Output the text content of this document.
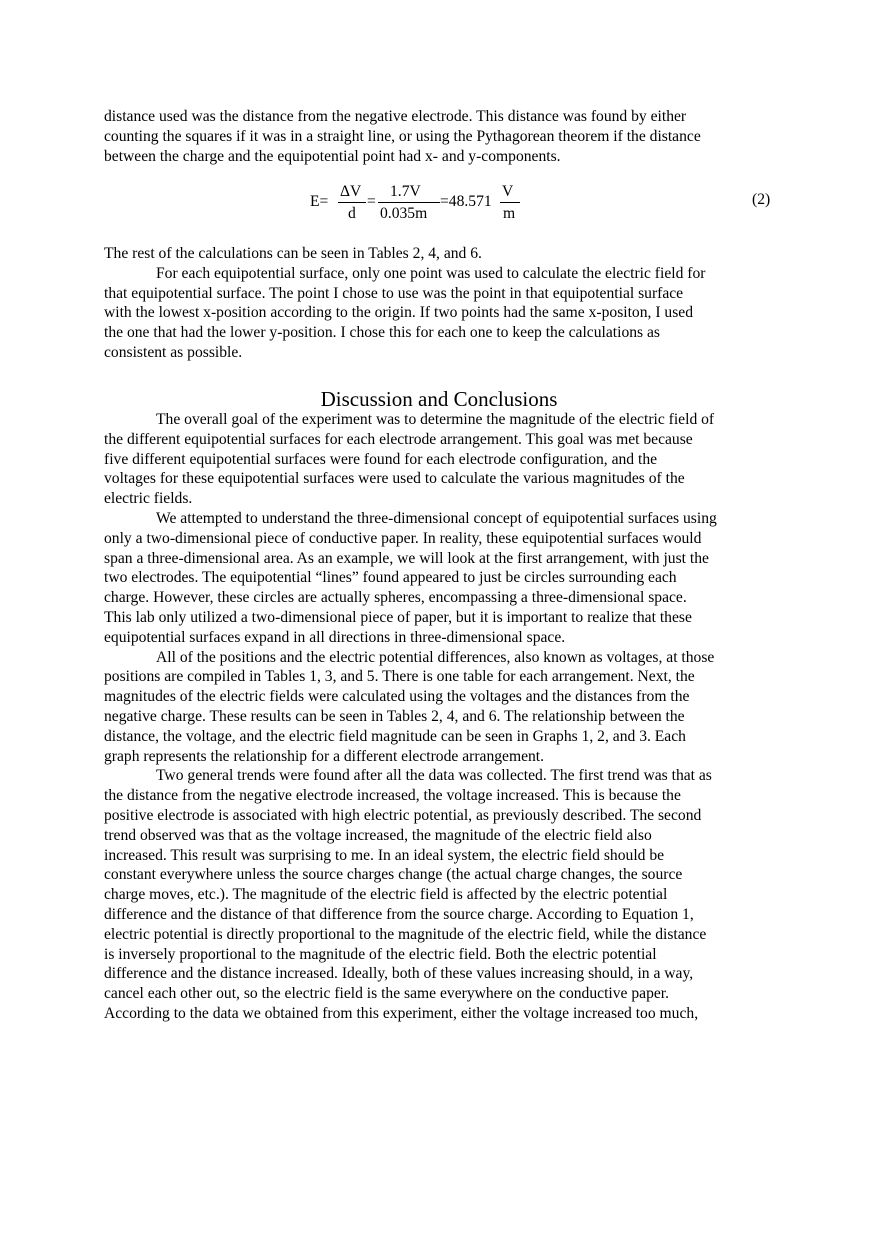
distance used was the distance from the negative electrode. This distance was found by either
counting the squares if it was in a straight line, or using the Pythagorean theorem if the distance
between the charge and the equipotential point had x- and y-components.
E=
ΔV
d
=
1.7V
0.035m
=48.571
V
m
(2)
The rest of the calculations can be seen in Tables 2, 4, and 6.

For each equipotential surface, only one point was used to calculate the electric field for
that equipotential surface. The point I chose to use was the point in that equipotential surface
with the lowest x-position according to the origin. If two points had the same x-positon, I used
the one that had the lower y-position. I chose this for each one to keep the calculations as
consistent as possible.

Discussion and Conclusions

The overall goal of the experiment was to determine the magnitude of the electric field of
the different equipotential surfaces for each electrode arrangement. This goal was met because
five different equipotential surfaces were found for each electrode configuration, and the
voltages for these equipotential surfaces were used to calculate the various magnitudes of the
electric fields.

We attempted to understand the three-dimensional concept of equipotential surfaces using
only a two-dimensional piece of conductive paper. In reality, these equipotential surfaces would
span a three-dimensional area. As an example, we will look at the first arrangement, with just the
two electrodes. The equipotential “lines” found appeared to just be circles surrounding each
charge. However, these circles are actually spheres, encompassing a three-dimensional space.
This lab only utilized a two-dimensional piece of paper, but it is important to realize that these
equipotential surfaces expand in all directions in three-dimensional space.

All of the positions and the electric potential differences, also known as voltages, at those
positions are compiled in Tables 1, 3, and 5. There is one table for each arrangement. Next, the
magnitudes of the electric fields were calculated using the voltages and the distances from the
negative charge. These results can be seen in Tables 2, 4, and 6. The relationship between the
distance, the voltage, and the electric field magnitude can be seen in Graphs 1, 2, and 3. Each
graph represents the relationship for a different electrode arrangement.

Two general trends were found after all the data was collected. The first trend was that as
the distance from the negative electrode increased, the voltage increased. This is because the
positive electrode is associated with high electric potential, as previously described. The second
trend observed was that as the voltage increased, the magnitude of the electric field also
increased. This result was surprising to me. In an ideal system, the electric field should be
constant everywhere unless the source charges change (the actual charge changes, the source
charge moves, etc.). The magnitude of the electric field is affected by the electric potential
difference and the distance of that difference from the source charge. According to Equation 1,
electric potential is directly proportional to the magnitude of the electric field, while the distance
is inversely proportional to the magnitude of the electric field. Both the electric potential
difference and the distance increased. Ideally, both of these values increasing should, in a way,
cancel each other out, so the electric field is the same everywhere on the conductive paper.
According to the data we obtained from this experiment, either the voltage increased too much,
